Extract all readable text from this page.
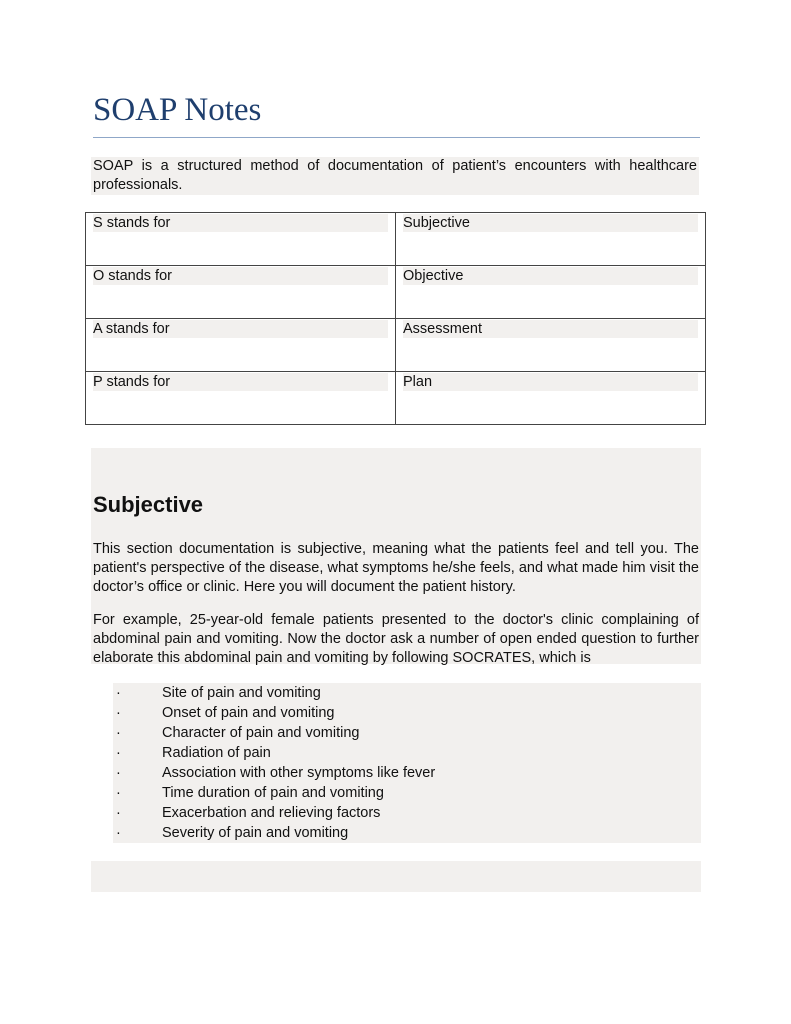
SOAP Notes
SOAP is a structured method of documentation of patient’s encounters with healthcare professionals.
S stands for	Subjective

O stands for	Objective

A stands for	Assessment

P stands for	Plan
Subjective

This section documentation is subjective, meaning what the patients feel and tell you. The patient's perspective of the disease, what symptoms he/she feels, and what made him visit the doctor’s office or clinic. Here you will document the patient history.

For example, 25-year-old female patients presented to the doctor's clinic complaining of abdominal pain and vomiting. Now the doctor ask a number of open ended question to further elaborate this abdominal pain and vomiting by following SOCRATES, which is

·	Site of pain and vomiting
·	Onset of pain and vomiting
·	Character of pain and vomiting
·	Radiation of pain
·	Association with other symptoms like fever
·	Time duration of pain and vomiting
·	Exacerbation and relieving factors
·	Severity of pain and vomiting
